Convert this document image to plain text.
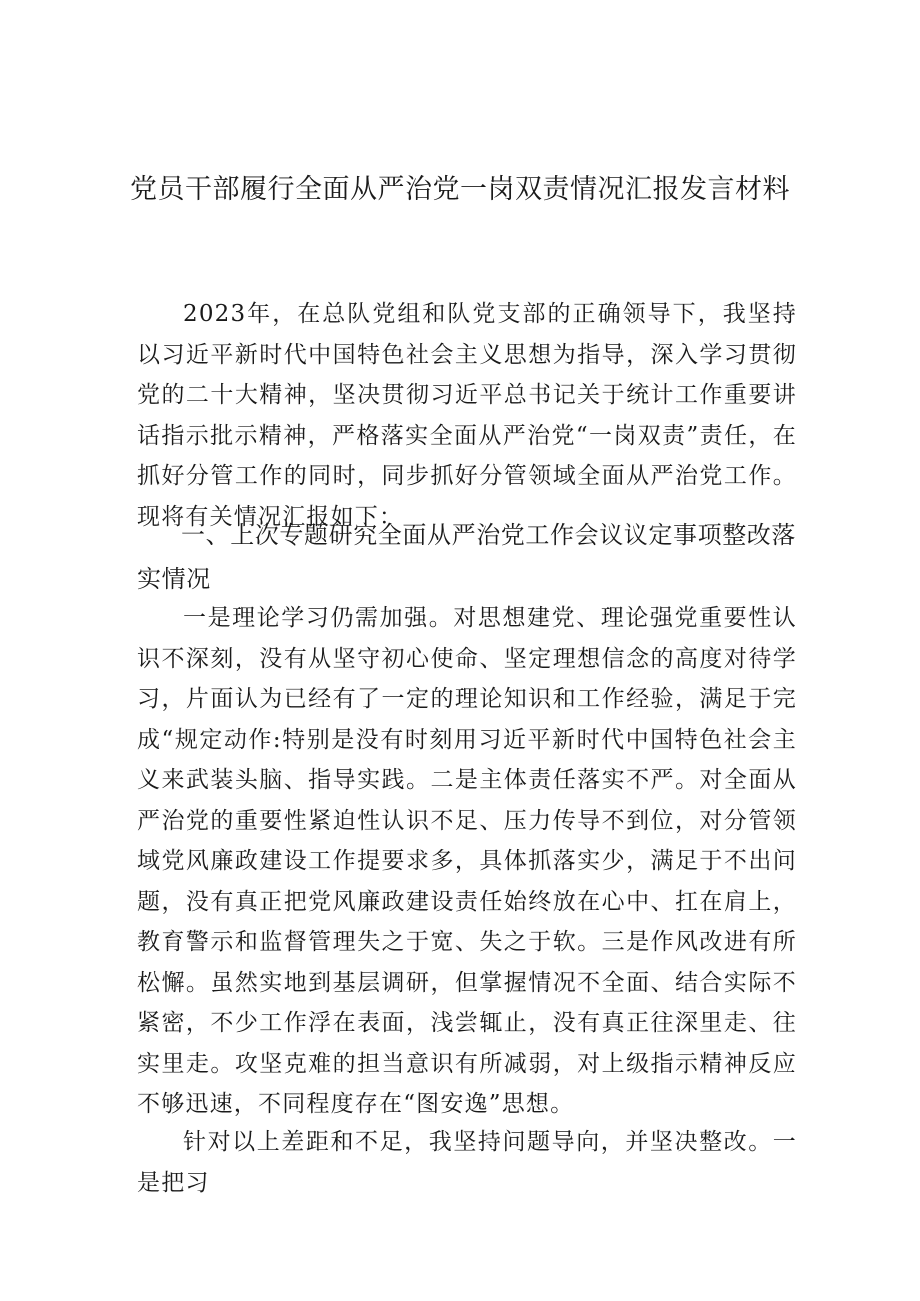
党员干部履行全面从严治党一岗双责情况汇报发言材料

2023年，在总队党组和队党支部的正确领导下，我坚持以习近平新时代中国特色社会主义思想为指导，深入学习贯彻党的二十大精神，坚决贯彻习近平总书记关于统计工作重要讲话指示批示精神，严格落实全面从严治党“一岗双责”责任，在抓好分管工作的同时，同步抓好分管领域全面从严治党工作。现将有关情况汇报如下：

一、上次专题研究全面从严治党工作会议议定事项整改落实情况

一是理论学习仍需加强。对思想建党、理论强党重要性认识不深刻，没有从坚守初心使命、坚定理想信念的高度对待学习，片面认为已经有了一定的理论知识和工作经验，满足于完成“规定动作:特别是没有时刻用习近平新时代中国特色社会主义来武装头脑、指导实践。二是主体责任落实不严。对全面从严治党的重要性紧迫性认识不足、压力传导不到位，对分管领域党风廉政建设工作提要求多，具体抓落实少，满足于不出问题，没有真正把党风廉政建设责任始终放在心中、扛在肩上，教育警示和监督管理失之于宽、失之于软。三是作风改进有所松懈。虽然实地到基层调研，但掌握情况不全面、结合实际不紧密，不少工作浮在表面，浅尝辄止，没有真正往深里走、往实里走。攻坚克难的担当意识有所减弱，对上级指示精神反应不够迅速，不同程度存在“图安逸”思想。

针对以上差距和不足，我坚持问题导向，并坚决整改。一是把习
